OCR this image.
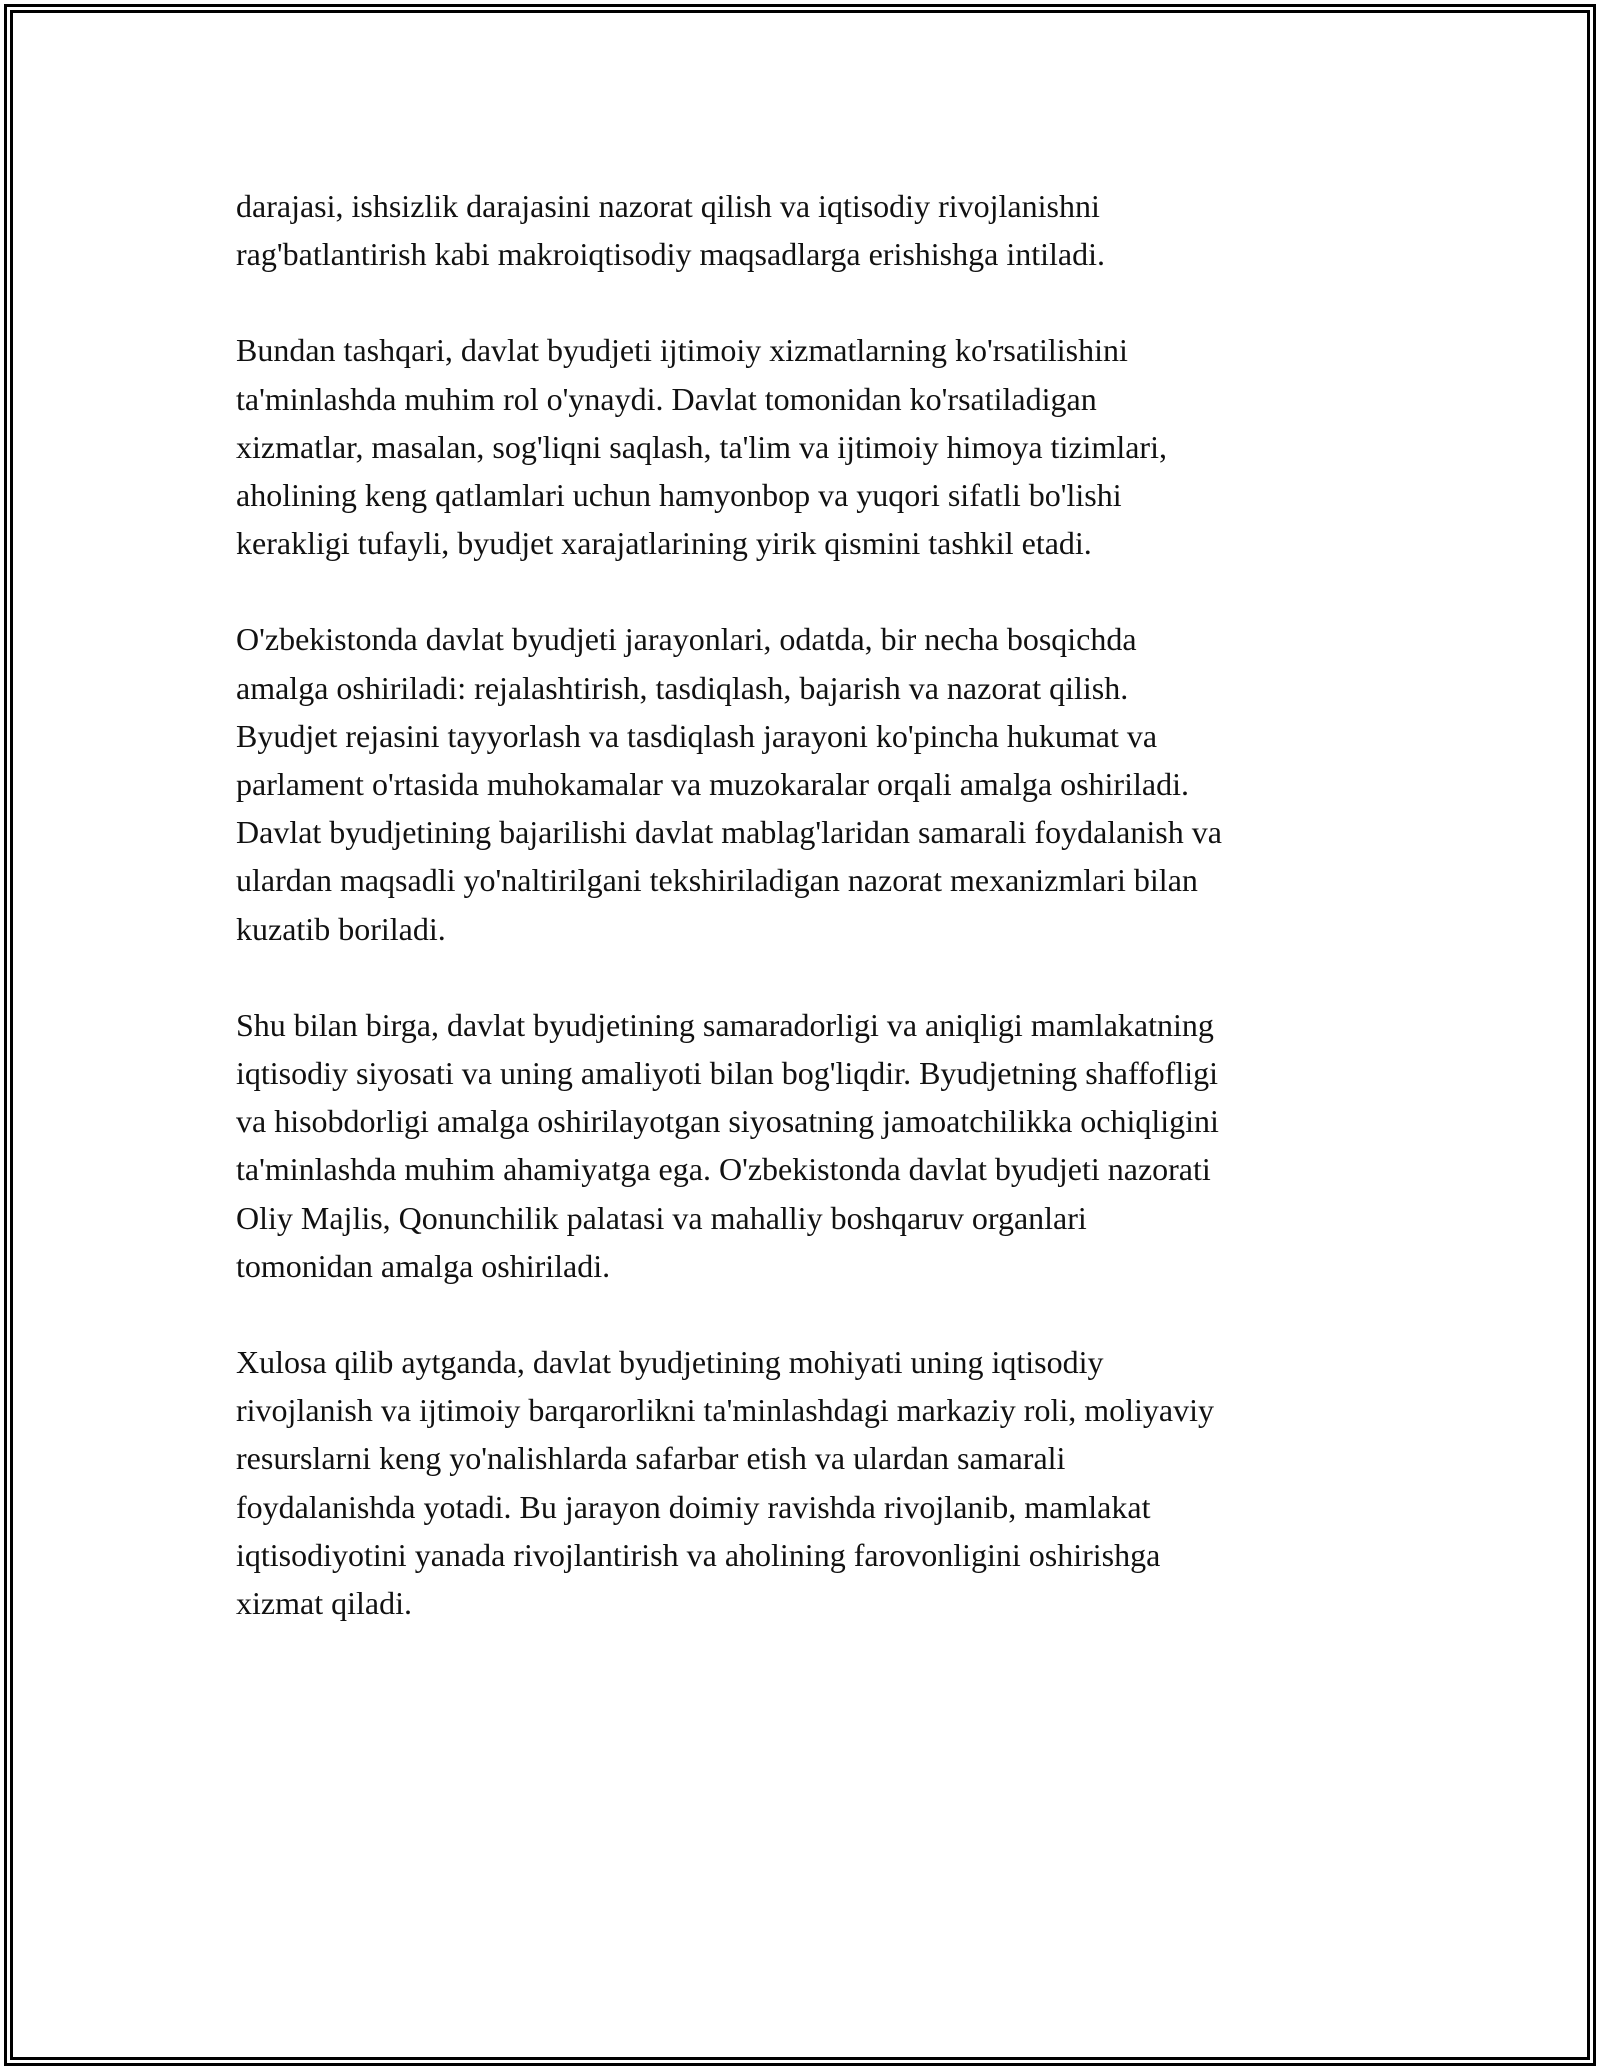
darajasi, ishsizlik darajasini nazorat qilish va iqtisodiy rivojlanishni
rag'batlantirish kabi makroiqtisodiy maqsadlarga erishishga intiladi.

Bundan tashqari, davlat byudjeti ijtimoiy xizmatlarning ko'rsatilishini
ta'minlashda muhim rol o'ynaydi. Davlat tomonidan ko'rsatiladigan
xizmatlar, masalan, sog'liqni saqlash, ta'lim va ijtimoiy himoya tizimlari,
aholining keng qatlamlari uchun hamyonbop va yuqori sifatli bo'lishi
kerakligi tufayli, byudjet xarajatlarining yirik qismini tashkil etadi.

O'zbekistonda davlat byudjeti jarayonlari, odatda, bir necha bosqichda
amalga oshiriladi: rejalashtirish, tasdiqlash, bajarish va nazorat qilish.
Byudjet rejasini tayyorlash va tasdiqlash jarayoni ko'pincha hukumat va
parlament o'rtasida muhokamalar va muzokaralar orqali amalga oshiriladi.
Davlat byudjetining bajarilishi davlat mablag'laridan samarali foydalanish va
ulardan maqsadli yo'naltirilgani tekshiriladigan nazorat mexanizmlari bilan
kuzatib boriladi.

Shu bilan birga, davlat byudjetining samaradorligi va aniqligi mamlakatning
iqtisodiy siyosati va uning amaliyoti bilan bog'liqdir. Byudjetning shaffofligi
va hisobdorligi amalga oshirilayotgan siyosatning jamoatchilikka ochiqligini
ta'minlashda muhim ahamiyatga ega. O'zbekistonda davlat byudjeti nazorati
Oliy Majlis, Qonunchilik palatasi va mahalliy boshqaruv organlari
tomonidan amalga oshiriladi.

Xulosa qilib aytganda, davlat byudjetining mohiyati uning iqtisodiy
rivojlanish va ijtimoiy barqarorlikni ta'minlashdagi markaziy roli, moliyaviy
resurslarni keng yo'nalishlarda safarbar etish va ulardan samarali
foydalanishda yotadi. Bu jarayon doimiy ravishda rivojlanib, mamlakat
iqtisodiyotini yanada rivojlantirish va aholining farovonligini oshirishga
xizmat qiladi.
